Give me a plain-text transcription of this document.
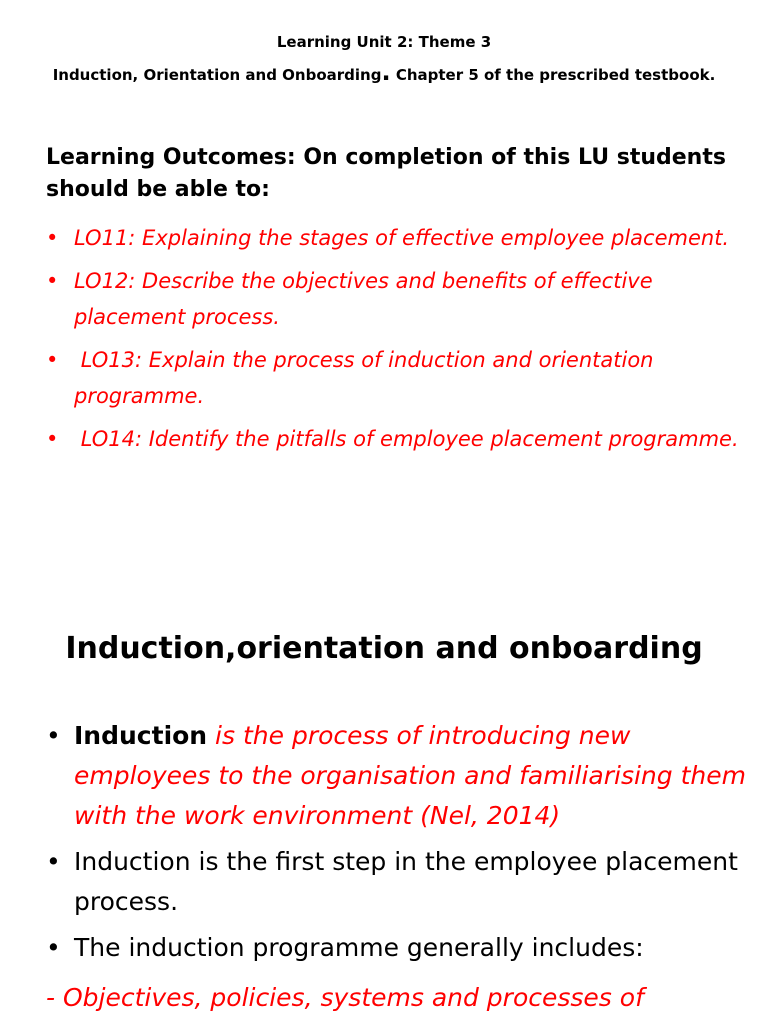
Learning Unit 2: Theme 3
Induction, Orientation and Onboarding. Chapter 5 of the prescribed testbook.
Learning Outcomes: On completion of this LU students should be able to:
• LO11: Explaining the stages of effective employee placement.
• LO12: Describe the objectives and benefits of effective placement process.
• LO13: Explain the process of induction and orientation programme.
• LO14: Identify the pitfalls of employee placement programme.
Induction,orientation and onboarding
• Induction is the process of introducing new employees to the organisation and familiarising them with the work environment (Nel, 2014)
• Induction is the first step in the employee placement process.
• The induction programme generally includes:
- Objectives, policies, systems and processes of
